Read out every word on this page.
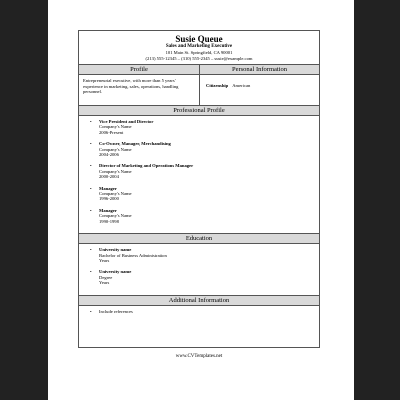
Susie Queue
Sales and Marketing Executive
101 Main St. Springfield, CA 90001
(213) 555-12345 – (310) 555-2345 – susie@example.com
Profile	Personal Information
Entrepreneurial executive, with more than 5 years' experience in marketing, sales, operations, handling personnel.
Citizenship American
Professional Profile
• Vice President and Director
Company's Name
2006-Present
• Co-Owner, Manager, Merchandising
Company's Name
2004-2006
• Director of Marketing and Operations Manager
Company's Name
2000-2004
• Manager
Company's Name
1996-2000
• Manager
Company's Name
1990-1998
Education
• University name
Bachelor of Business Administration
Years
• University name
Degree
Years
Additional Information
• Include references
www.CVTemplates.net
